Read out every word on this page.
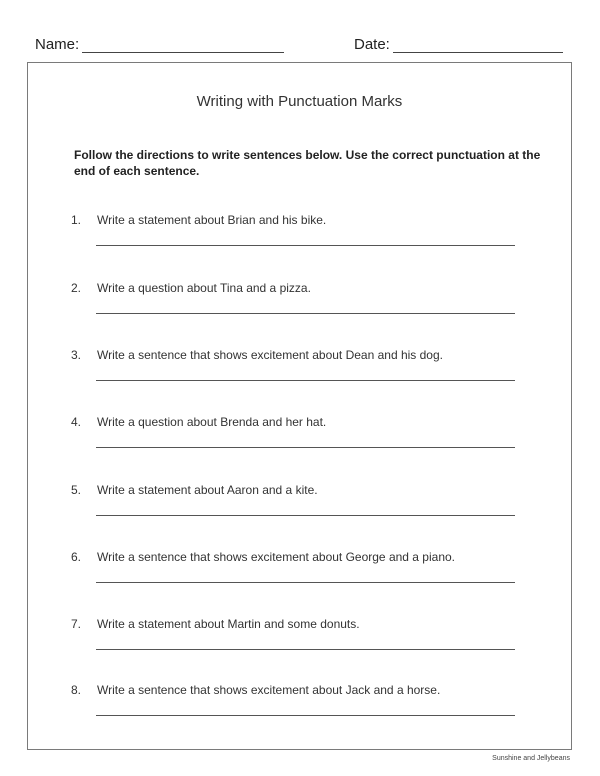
Name:	Date:
Writing with Punctuation Marks
Follow the directions to write sentences below. Use the correct punctuation at the end of each sentence.
1. Write a statement about Brian and his bike.
2. Write a question about Tina and a pizza.
3. Write a sentence that shows excitement about Dean and his dog.
4. Write a question about Brenda and her hat.
5. Write a statement about Aaron and a kite.
6. Write a sentence that shows excitement about George and a piano.
7. Write a statement about Martin and some donuts.
8. Write a sentence that shows excitement about Jack and a horse.
Sunshine and Jellybeans
